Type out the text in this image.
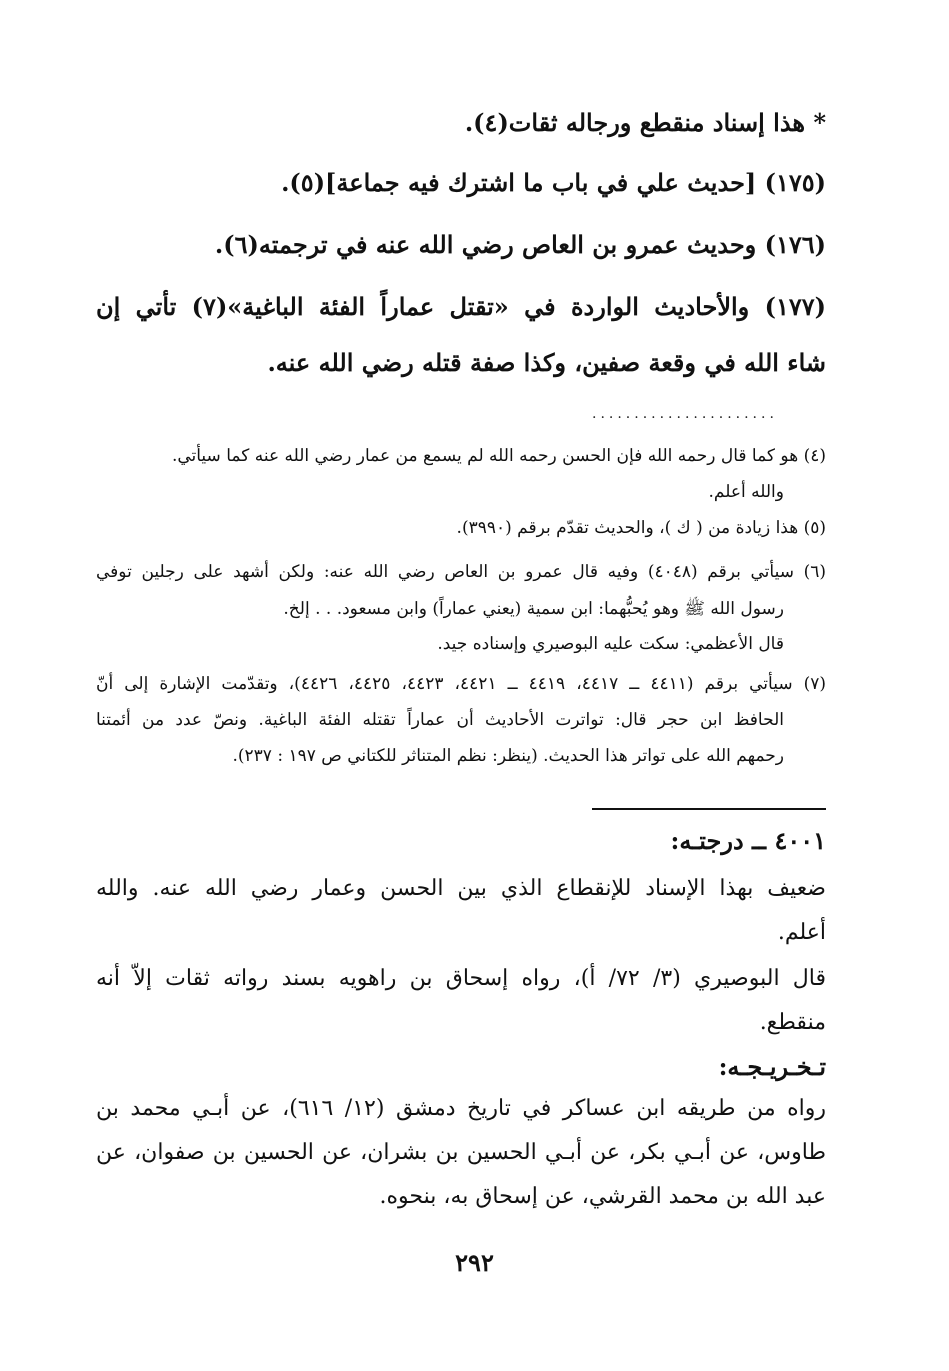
* هذا إسناد منقطع ورجاله ثقات(٤).
(١٧٥) [حديث علي في باب ما اشترك فيه جماعة](٥).
(١٧٦) وحديث عمرو بن العاص رضي الله عنه في ترجمته(٦).
(١٧٧) والأحاديث الواردة في «تقتل عماراً الفئة الباغية»(٧) تأتي إن
شاء الله في وقعة صفين، وكذا صفة قتله رضي الله عنه.
......................
(٤) هو كما قال رحمه الله فإن الحسن رحمه الله لم يسمع من عمار رضي الله عنه كما سيأتي.
والله أعلم.
(٥) هذا زيادة من ( ك )، والحديث تقدّم برقم (٣٩٩٠).
(٦) سيأتي برقم (٤٠٤٨) وفيه قال عمرو بن العاص رضي الله عنه: ولكن أشهد على رجلين توفي
رسول الله ﷺ وهو يُحبُّهما: ابن سمية (يعني عماراً) وابن مسعود. . . إلخ.
قال الأعظمي: سكت عليه البوصيري وإسناده جيد.
(٧) سيأتي برقم (٤٤١١ ــ ٤٤١٧، ٤٤١٩ ــ ٤٤٢١، ٤٤٢٣، ٤٤٢٥، ٤٤٢٦)، وتقدّمت الإشارة إلى أنّ
الحافظ ابن حجر قال: تواترت الأحاديث أن عماراً تقتله الفئة الباغية. ونصّ عدد من أئمتنا
رحمهم الله على تواتر هذا الحديث. (ينظر: نظم المتناثر للكتاني ص ١٩٧ : ٢٣٧).
٤٠٠١ ــ درجتـه:
ضعيف بهذا الإسناد للإنقطاع الذي بين الحسن وعمار رضي الله عنه. والله
أعلم.
قال البوصيري (٣/ ٧٢/ أ)، رواه إسحاق بن راهويه بسند رواته ثقات إلاّ أنه
منقطع.
تـخـريـجـه:
رواه من طريقه ابن عساكر في تاريخ دمشق (١٢/ ٦١٦)، عن أبـي محمد بن
طاوس، عن أبـي بكر، عن أبـي الحسين بن بشران، عن الحسين بن صفوان، عن
عبد الله بن محمد القرشي، عن إسحاق به، بنحوه.
٢٩٢
